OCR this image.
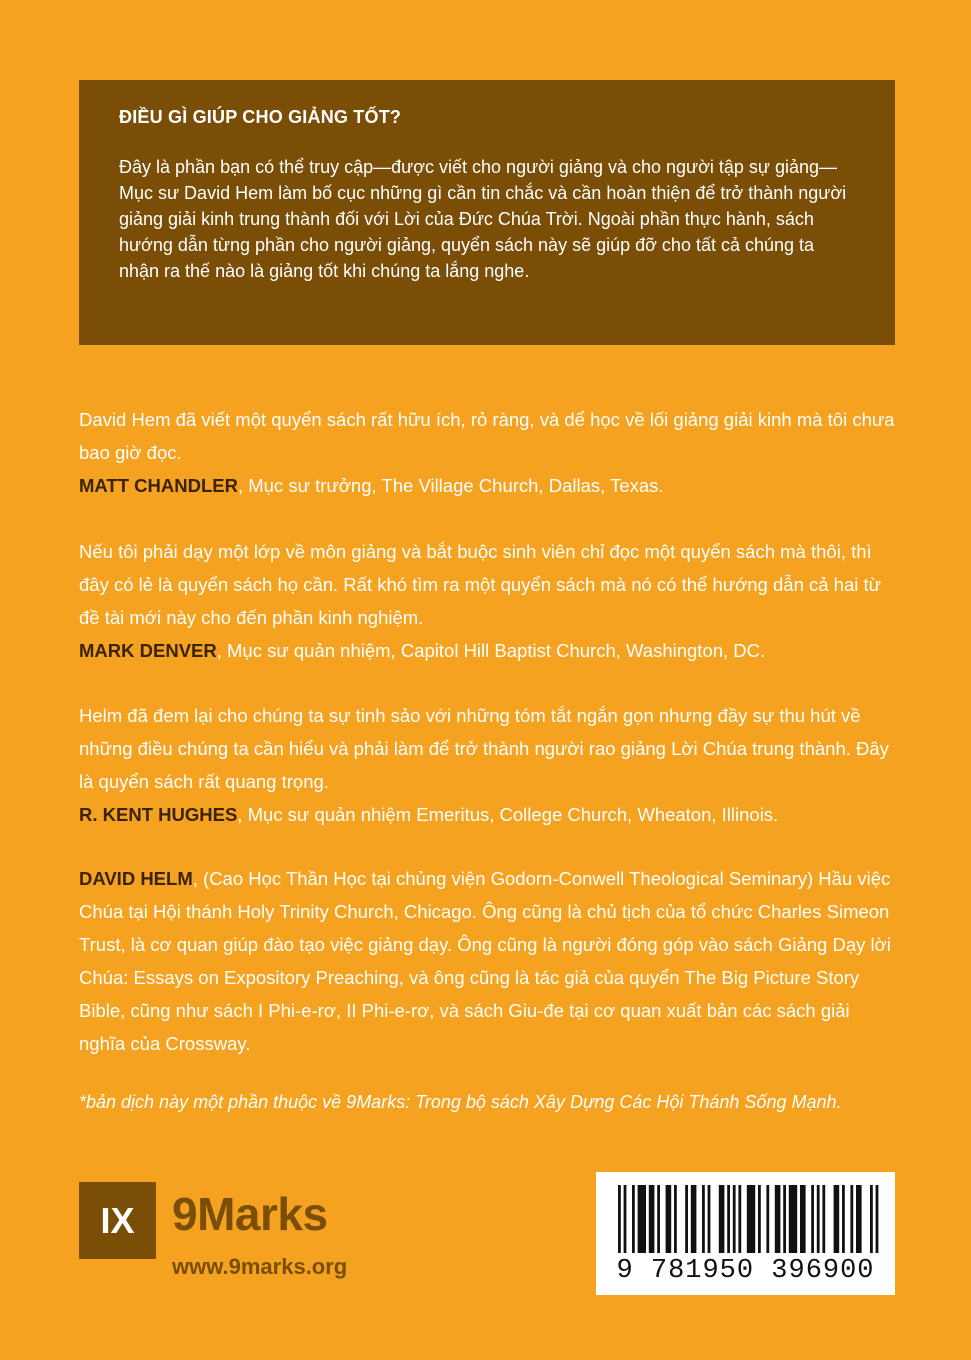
ĐIỀU GÌ GIÚP CHO GIẢNG TỐT?

Đây là phần bạn có thể truy cập—được viết cho người giảng và cho người tập sự giảng—Mục sư David Hem làm bố cục những gì cần tin chắc và cần hoàn thiện để trở thành người giảng giải kinh trung thành đối với Lời của Đức Chúa Trời. Ngoài phần thực hành, sách hướng dẫn từng phần cho người giảng, quyển sách này sẽ giúp đỡ cho tất cả chúng ta nhận ra thế nào là giảng tốt khi chúng ta lắng nghe.

David Hem đã viết một quyển sách rất hữu ích, rỏ ràng, và dể học về lối giảng giải kinh mà tôi chưa bao giờ đọc.
MATT CHANDLER, Mục sư trưởng, The Village Church, Dallas, Texas.

Nếu tôi phải dạy một lớp về môn giảng và bắt buộc sinh viên chỉ đọc một quyển sách mà thôi, thì đây có lẻ là quyển sách họ cần. Rất khó tìm ra một quyển sách mà nó có thể hướng dẫn cả hai từ đề tài mới này cho đến phần kinh nghiệm.
MARK DENVER, Mục sư quản nhiệm, Capitol Hill Baptist Church, Washington, DC.

Helm đã đem lại cho chúng ta sự tinh sảo với những tóm tắt ngắn gọn nhưng đầy sự thu hút về những điều chúng ta cần hiểu và phải làm để trở thành người rao giảng Lời Chúa trung thành. Đây là quyển sách rất quang trọng.
R. KENT HUGHES, Mục sư quản nhiệm Emeritus, College Church, Wheaton, Illinois.

DAVID HELM, (Cao Học Thần Học tại chủng viện Godorn-Conwell Theological Seminary) Hầu việc Chúa tại Hội thánh Holy Trinity Church, Chicago. Ông cũng là chủ tịch của tổ chức Charles Simeon Trust, là cơ quan giúp đào tạo việc giảng dạy. Ông cũng là người đóng góp vào sách Giảng Dạy lời Chúa: Essays on Expository Preaching, và ông cũng là tác giả của quyển The Big Picture Story Bible, cũng như sách I Phi-e-rơ, II Phi-e-rơ, và sách Giu-đe tại cơ quan xuất bản các sách giải nghĩa của Crossway.

*bản dịch này một phần thuộc về 9Marks: Trong bộ sách Xây Dựng Các Hội Thánh Sống Mạnh.

IX 9Marks
www.9marks.org	9 781950 396900
